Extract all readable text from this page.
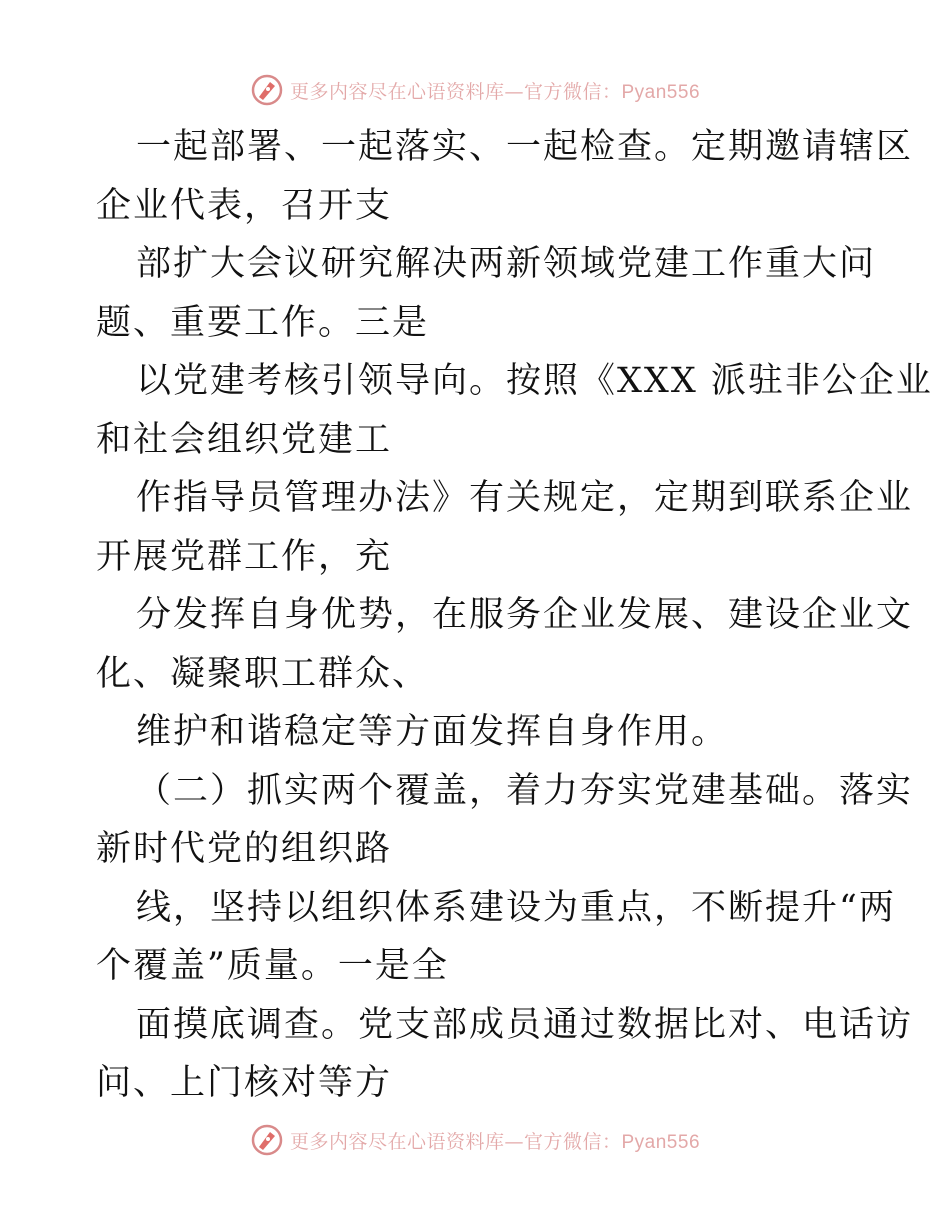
更多内容尽在心语资料库—官方微信：Pyan556
一起部署、一起落实、一起检查。定期邀请辖区
企业代表，召开支
部扩大会议研究解决两新领域党建工作重大问
题、重要工作。三是
以党建考核引领导向。按照《XXX 派驻非公企业
和社会组织党建工
作指导员管理办法》有关规定，定期到联系企业
开展党群工作，充
分发挥自身优势，在服务企业发展、建设企业文
化、凝聚职工群众、
维护和谐稳定等方面发挥自身作用。
（二）抓实两个覆盖，着力夯实党建基础。落实
新时代党的组织路
线，坚持以组织体系建设为重点，不断提升“两
个覆盖”质量。一是全
面摸底调查。党支部成员通过数据比对、电话访
问、上门核对等方
更多内容尽在心语资料库—官方微信：Pyan556
